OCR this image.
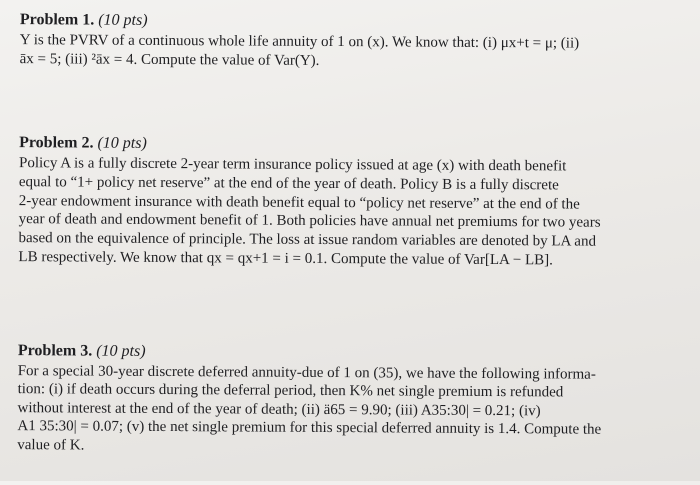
Problem 1. (10 pts)

Y is the PVRV of a continuous whole life annuity of 1 on (x). We know that: (i) μx+t = μ; (ii)
āx = 5; (iii) ²āx = 4. Compute the value of Var(Y).

Problem 2. (10 pts)

Policy A is a fully discrete 2-year term insurance policy issued at age (x) with death benefit
equal to “1+ policy net reserve” at the end of the year of death. Policy B is a fully discrete
2-year endowment insurance with death benefit equal to “policy net reserve” at the end of the
year of death and endowment benefit of 1. Both policies have annual net premiums for two years
based on the equivalence of principle. The loss at issue random variables are denoted by LA and
LB respectively. We know that qx = qx+1 = i = 0.1. Compute the value of Var[LA − LB].

Problem 3. (10 pts)

For a special 30-year discrete deferred annuity-due of 1 on (35), we have the following informa-
tion: (i) if death occurs during the deferral period, then K% net single premium is refunded
without interest at the end of the year of death; (ii) ä65 = 9.90; (iii) A35:30| = 0.21; (iv)
A1 35:30| = 0.07; (v) the net single premium for this special deferred annuity is 1.4. Compute the
value of K.
